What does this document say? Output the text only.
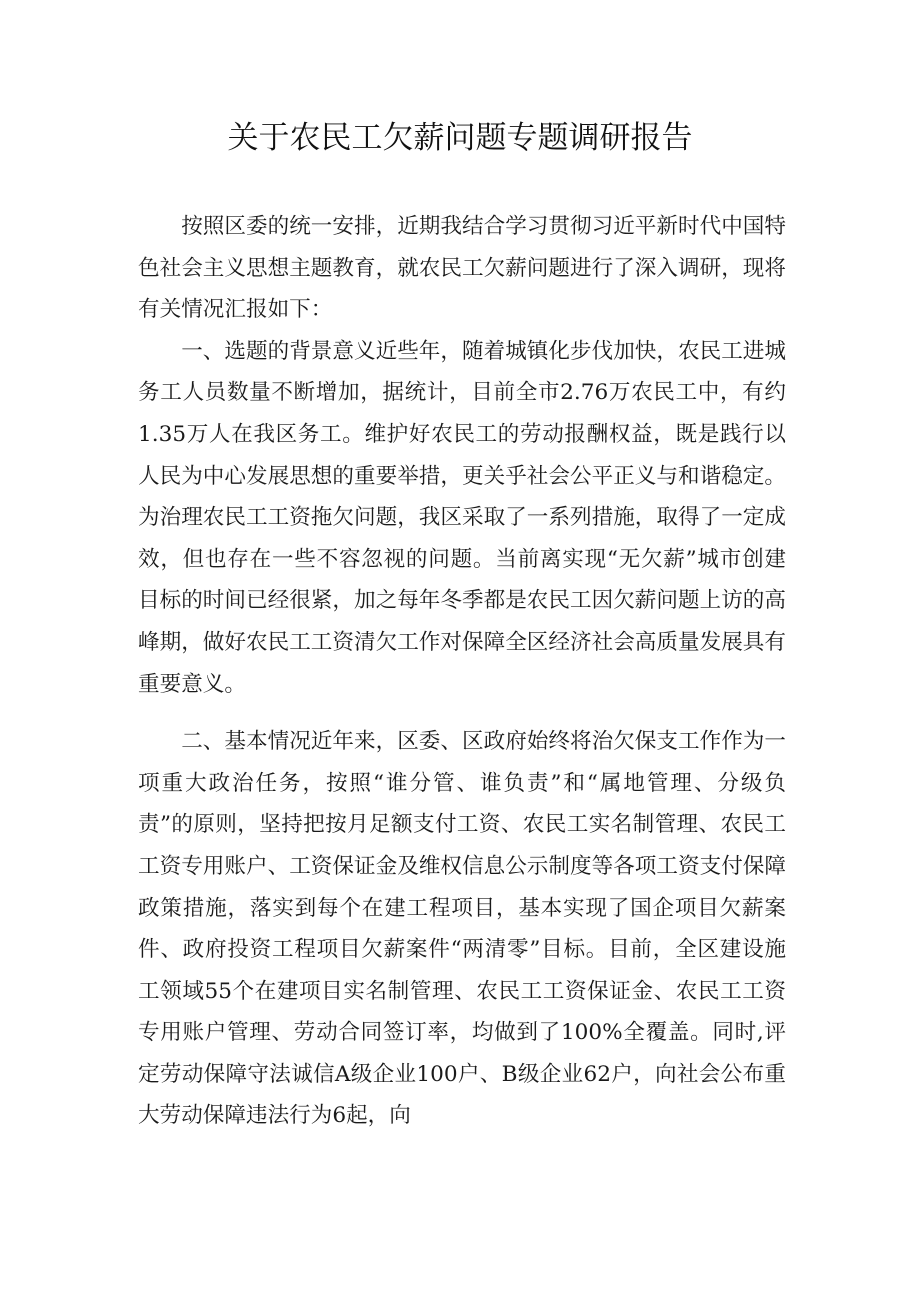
关于农民工欠薪问题专题调研报告

按照区委的统一安排，近期我结合学习贯彻习近平新时代中国特色社会主义思想主题教育，就农民工欠薪问题进行了深入调研，现将有关情况汇报如下：

一、选题的背景意义近些年，随着城镇化步伐加快，农民工进城务工人员数量不断增加，据统计，目前全市2.76万农民工中，有约1.35万人在我区务工。维护好农民工的劳动报酬权益，既是践行以人民为中心发展思想的重要举措，更关乎社会公平正义与和谐稳定。为治理农民工工资拖欠问题，我区采取了一系列措施，取得了一定成效，但也存在一些不容忽视的问题。当前离实现“无欠薪”城市创建目标的时间已经很紧，加之每年冬季都是农民工因欠薪问题上访的高峰期，做好农民工工资清欠工作对保障全区经济社会高质量发展具有重要意义。

二、基本情况近年来，区委、区政府始终将治欠保支工作作为一项重大政治任务，按照“谁分管、谁负责”和“属地管理、分级负责”的原则，坚持把按月足额支付工资、农民工实名制管理、农民工工资专用账户、工资保证金及维权信息公示制度等各项工资支付保障政策措施，落实到每个在建工程项目，基本实现了国企项目欠薪案件、政府投资工程项目欠薪案件“两清零”目标。目前，全区建设施工领域55个在建项目实名制管理、农民工工资保证金、农民工工资专用账户管理、劳动合同签订率，均做到了100%全覆盖。同时,评定劳动保障守法诚信A级企业100户、B级企业62户，向社会公布重大劳动保障违法行为6起，向
